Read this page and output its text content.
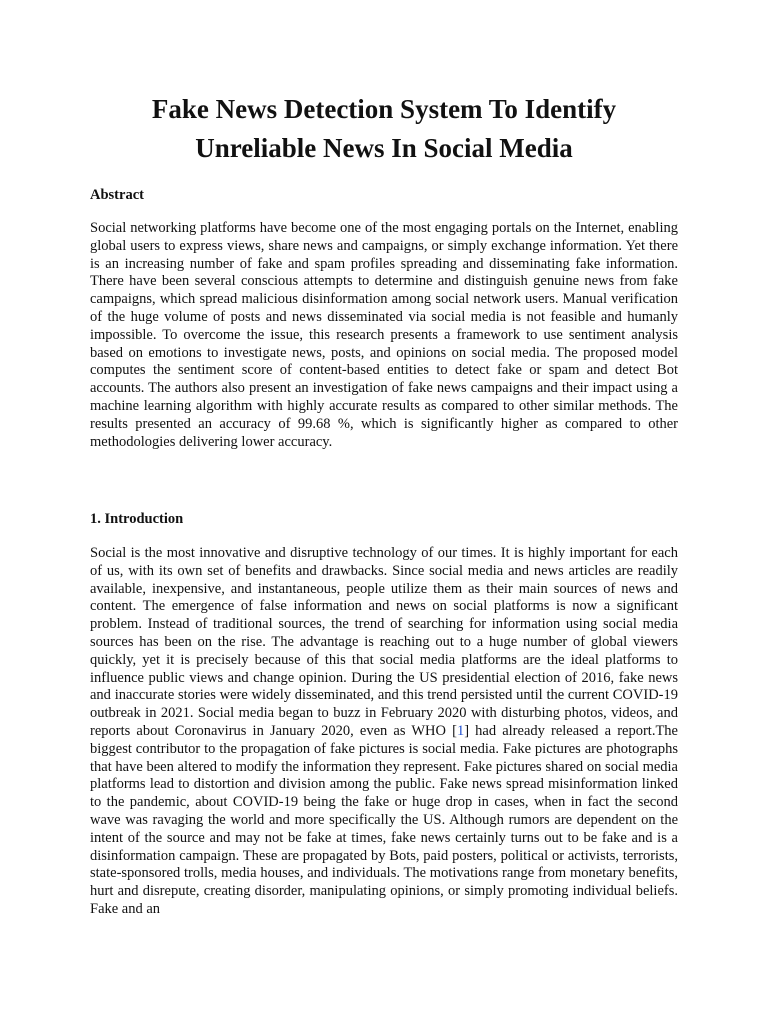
Fake News Detection System To Identify
Unreliable News In Social Media
Abstract

Social networking platforms have become one of the most engaging portals on the Internet, enabling global users to express views, share news and campaigns, or simply exchange information. Yet there is an increasing number of fake and spam profiles spreading and disseminating fake information. There have been several conscious attempts to determine and distinguish genuine news from fake campaigns, which spread malicious disinformation among social network users. Manual verification of the huge volume of posts and news disseminated via social media is not feasible and humanly impossible. To overcome the issue, this research presents a framework to use sentiment analysis based on emotions to investigate news, posts, and opinions on social media. The proposed model computes the sentiment score of content-based entities to detect fake or spam and detect Bot accounts. The authors also present an investigation of fake news campaigns and their impact using a machine learning algorithm with highly accurate results as compared to other similar methods. The results presented an accuracy of 99.68 %, which is significantly higher as compared to other methodologies delivering lower accuracy.

1. Introduction

Social is the most innovative and disruptive technology of our times. It is highly important for each of us, with its own set of benefits and drawbacks. Since social media and news articles are readily available, inexpensive, and instantaneous, people utilize them as their main sources of news and content. The emergence of false information and news on social platforms is now a significant problem. Instead of traditional sources, the trend of searching for information using social media sources has been on the rise. The advantage is reaching out to a huge number of global viewers quickly, yet it is precisely because of this that social media platforms are the ideal platforms to influence public views and change opinion. During the US presidential election of 2016, fake news and inaccurate stories were widely disseminated, and this trend persisted until the current COVID-19 outbreak in 2021. Social media began to buzz in February 2020 with disturbing photos, videos, and reports about Coronavirus in January 2020, even as WHO [1] had already released a report.The biggest contributor to the propagation of fake pictures is social media. Fake pictures are photographs that have been altered to modify the information they represent. Fake pictures shared on social media platforms lead to distortion and division among the public. Fake news spread misinformation linked to the pandemic, about COVID-19 being the fake or huge drop in cases, when in fact the second wave was ravaging the world and more specifically the US. Although rumors are dependent on the intent of the source and may not be fake at times, fake news certainly turns out to be fake and is a disinformation campaign. These are propagated by Bots, paid posters, political or activists, terrorists, state-sponsored trolls, media houses, and individuals. The motivations range from monetary benefits, hurt and disrepute, creating disorder, manipulating opinions, or simply promoting individual beliefs. Fake and an
